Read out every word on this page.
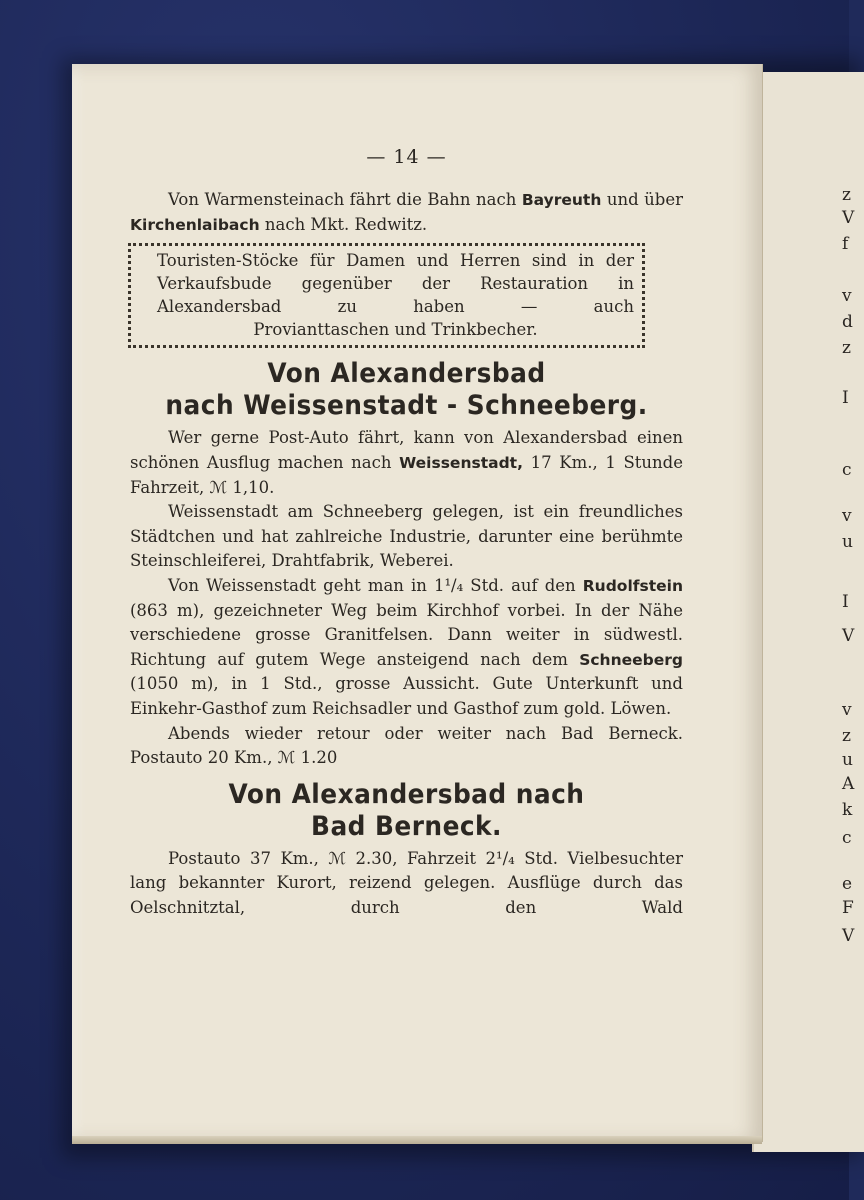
z
V
f
v
d
z
I
c
v
u
I
V
v
z
u
A
k
c
e
F
V
— 14 —

Von Warmensteinach fährt die Bahn nach Bayreuth und über Kirchenlaibach nach Mkt. Redwitz.

Touristen-Stöcke für Damen und Herren sind in der Verkaufsbude gegenüber der Restauration in Alexandersbad zu haben — auch
Provianttaschen und Trinkbecher.
Von Alexandersbad
nach Weissenstadt - Schneeberg.

Wer gerne Post-Auto fährt, kann von Alexandersbad einen schönen Ausflug machen nach Weissenstadt, 17 Km., 1 Stunde Fahrzeit, ℳ 1,10.

Weissenstadt am Schneeberg gelegen, ist ein freundliches Städtchen und hat zahlreiche Industrie, darunter eine berühmte Steinschleiferei, Drahtfabrik, Weberei.

Von Weissenstadt geht man in 1¹/₄ Std. auf den Rudolfstein (863 m), gezeichneter Weg beim Kirchhof vorbei. In der Nähe verschiedene grosse Granitfelsen. Dann weiter in südwestl. Richtung auf gutem Wege ansteigend nach dem Schneeberg (1050 m), in 1 Std., grosse Aussicht. Gute Unterkunft und Einkehr-Gasthof zum Reichsadler und Gasthof zum gold. Löwen.

Abends wieder retour oder weiter nach Bad Berneck. Postauto 20 Km., ℳ 1.20

Von Alexandersbad nach
Bad Berneck.

Postauto 37 Km., ℳ 2.30, Fahrzeit 2¹/₄ Std. Vielbesuchter lang bekannter Kurort, reizend gelegen. Ausflüge durch das Oelschnitztal, durch den Wald
